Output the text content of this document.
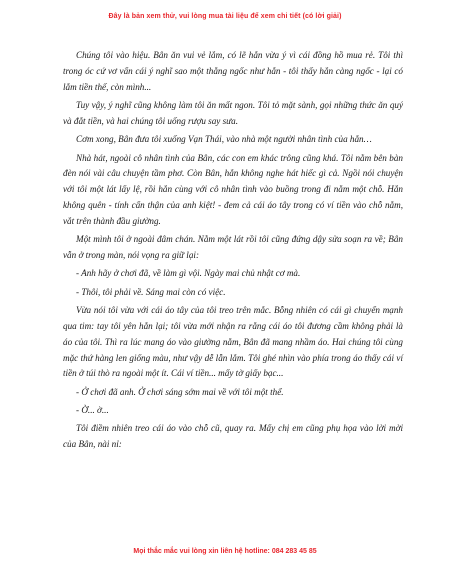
Đây là bản xem thử, vui lòng mua tài liệu để xem chi tiết (có lời giải)

Chúng tôi vào hiệu. Bân ăn vui vẻ lắm, có lẽ hắn vừa ý vì cái đồng hồ mua rẻ. Tôi thì trong óc cứ vơ vẩn cái ý nghĩ sao một thằng ngốc như hắn - tôi thấy hắn càng ngốc - lại có lắm tiền thế, còn mình...

Tuy vậy, ý nghĩ cũng không làm tôi ăn mất ngon. Tôi tỏ mặt sành, gọi những thức ăn quý và đắt tiền, và hai chúng tôi uống rượu say sưa.

Cơm xong, Bân đưa tôi xuống Vạn Thái, vào nhà một người nhân tình của hắn…

Nhà hát, ngoài cô nhân tình của Bân, các con em khác trông cũng khá. Tôi nằm bên bàn đèn nói vài câu chuyện tầm phơ. Còn Bân, hắn không nghe hát hiếc gì cả. Ngồi nói chuyện với tôi một lát lấy lệ, rồi hắn cùng với cô nhân tình vào buồng trong đi nằm một chỗ. Hắn không quên - tính cẩn thận của anh kiệt! - đem cả cái áo tây trong có ví tiền vào chỗ nằm, vắt trên thành đầu giường.

Một mình tôi ở ngoài đâm chán. Nằm một lát rồi tôi cũng đứng dậy sửa soạn ra về; Bân vẫn ở trong màn, nói vọng ra giữ lại:

- Anh hãy ở chơi đã, về làm gì vội. Ngày mai chủ nhật cơ mà.

- Thôi, tôi phải về. Sáng mai còn có việc.

Vừa nói tôi vừa với cái áo tây của tôi treo trên mắc. Bỗng nhiên có cái gì chuyển mạnh qua tim: tay tôi yên hẳn lại; tôi vừa mới nhận ra rằng cái áo tôi đương cầm không phải là áo của tôi. Thì ra lúc mang áo vào giường nằm, Bân đã mang nhầm áo. Hai chúng tôi cùng mặc thứ hàng len giống màu, như vậy dễ lẫn lắm. Tôi ghé nhìn vào phía trong áo thấy cái ví tiền ở túi thò ra ngoài một ít. Cái ví tiền... mấy tờ giấy bạc...

- Ở chơi đã anh. Ở chơi sáng sớm mai về với tôi một thể.

- Ờ... ờ...

Tôi điềm nhiên treo cái áo vào chỗ cũ, quay ra. Mấy chị em cũng phụ họa vào lời mời của Bân, nài nỉ:

Mọi thắc mắc vui lòng xin liên hệ hotline: 084 283 45 85
